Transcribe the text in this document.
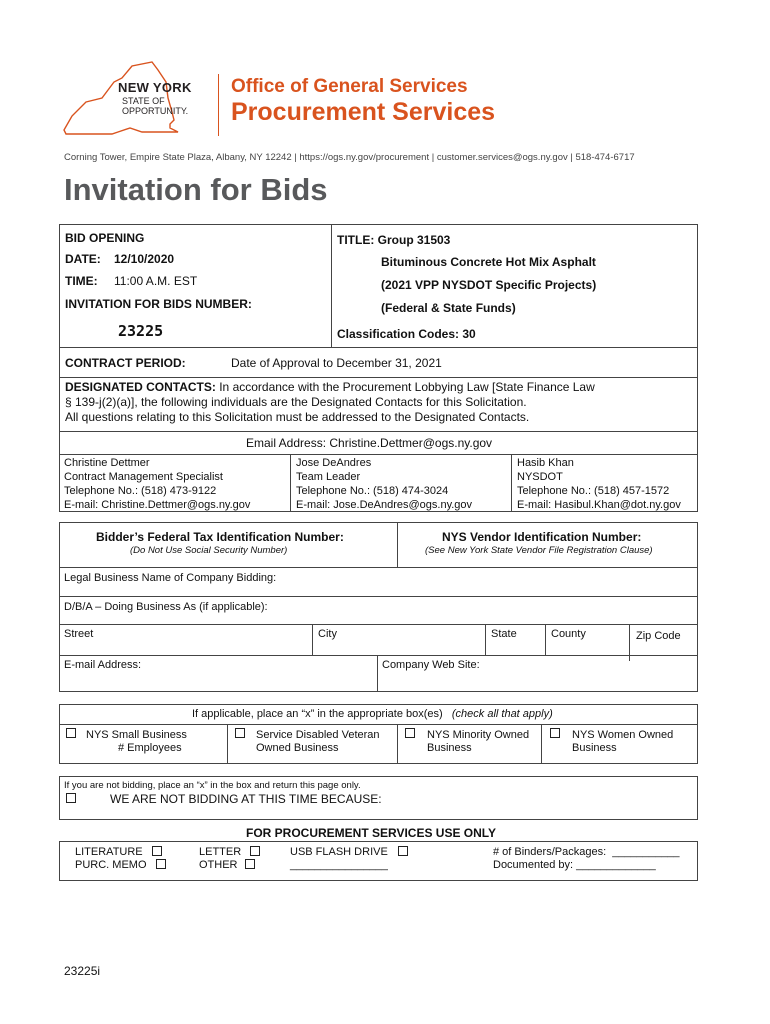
NEW YORK
STATE OF
OPPORTUNITY.
Office of General Services
Procurement Services
Corning Tower, Empire State Plaza, Albany, NY 12242 | https://ogs.ny.gov/procurement | customer.services@ogs.ny.gov | 518-474-6717
Invitation for Bids
BID OPENING
DATE: 12/10/2020
TIME: 11:00 A.M. EST
INVITATION FOR BIDS NUMBER:
23225
TITLE: Group 31503
Bituminous Concrete Hot Mix Asphalt
(2021 VPP NYSDOT Specific Projects)
(Federal & State Funds)
Classification Codes: 30
CONTRACT PERIOD:	Date of Approval to December 31, 2021
DESIGNATED CONTACTS: In accordance with the Procurement Lobbying Law [State Finance Law
§ 139-j(2)(a)], the following individuals are the Designated Contacts for this Solicitation.
All questions relating to this Solicitation must be addressed to the Designated Contacts.
Email Address: Christine.Dettmer@ogs.ny.gov
Christine Dettmer
Contract Management Specialist
Telephone No.: (518) 473-9122
E-mail: Christine.Dettmer@ogs.ny.gov
Jose DeAndres
Team Leader
Telephone No.: (518) 474-3024
E-mail: Jose.DeAndres@ogs.ny.gov
Hasib Khan
NYSDOT
Telephone No.: (518) 457-1572
E-mail: Hasibul.Khan@dot.ny.gov
Bidder’s Federal Tax Identification Number:
(Do Not Use Social Security Number)
NYS Vendor Identification Number:
(See New York State Vendor File Registration Clause)
Legal Business Name of Company Bidding:
D/B/A – Doing Business As (if applicable):
Street	City	State	County	Zip Code
E-mail Address:	Company Web Site:
If applicable, place an “x” in the appropriate box(es) (check all that apply)
NYS Small Business
# Employees
Service Disabled Veteran
Owned Business
NYS Minority Owned
Business
NYS Women Owned
Business
If you are not bidding, place an “x” in the box and return this page only.
WE ARE NOT BIDDING AT THIS TIME BECAUSE:
FOR PROCUREMENT SERVICES USE ONLY
LITERATURE
PURC. MEMO
LETTER
OTHER
USB FLASH DRIVE
________________
# of Binders/Packages: ___________
Documented by: _____________
23225i
